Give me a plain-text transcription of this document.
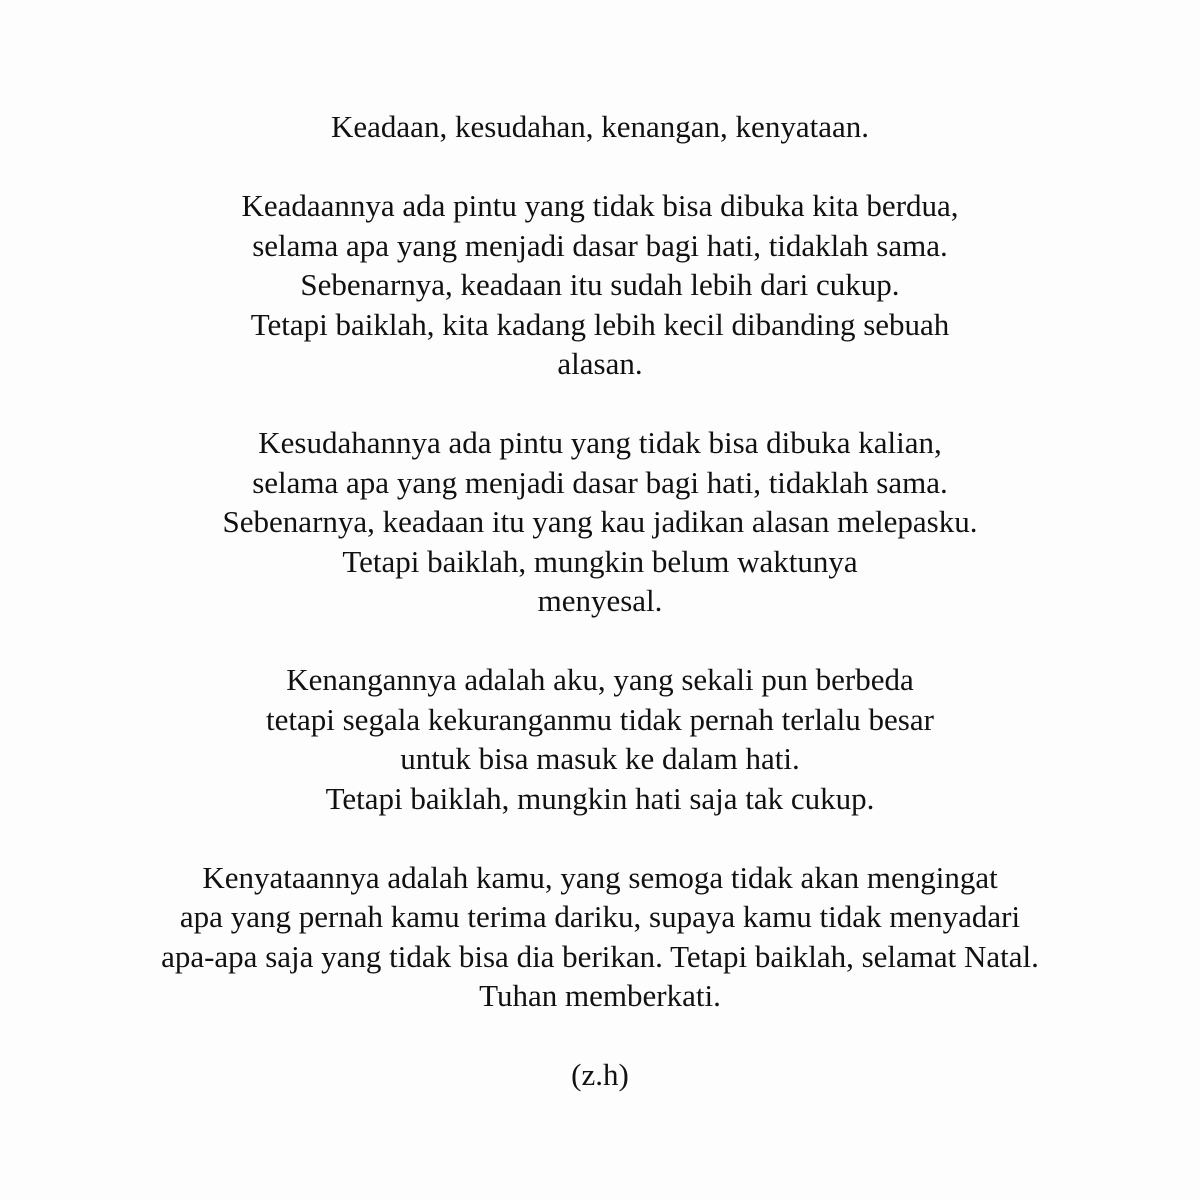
Keadaan, kesudahan, kenangan, kenyataan.

Keadaannya ada pintu yang tidak bisa dibuka kita berdua,
selama apa yang menjadi dasar bagi hati, tidaklah sama.
Sebenarnya, keadaan itu sudah lebih dari cukup.
Tetapi baiklah, kita kadang lebih kecil dibanding sebuah
alasan.

Kesudahannya ada pintu yang tidak bisa dibuka kalian,
selama apa yang menjadi dasar bagi hati, tidaklah sama.
Sebenarnya, keadaan itu yang kau jadikan alasan melepasku.
Tetapi baiklah, mungkin belum waktunya
menyesal.

Kenangannya adalah aku, yang sekali pun berbeda
tetapi segala kekuranganmu tidak pernah terlalu besar
untuk bisa masuk ke dalam hati.
Tetapi baiklah, mungkin hati saja tak cukup.

Kenyataannya adalah kamu, yang semoga tidak akan mengingat
apa yang pernah kamu terima dariku, supaya kamu tidak menyadari
apa-apa saja yang tidak bisa dia berikan. Tetapi baiklah, selamat Natal.
Tuhan memberkati.

(z.h)
